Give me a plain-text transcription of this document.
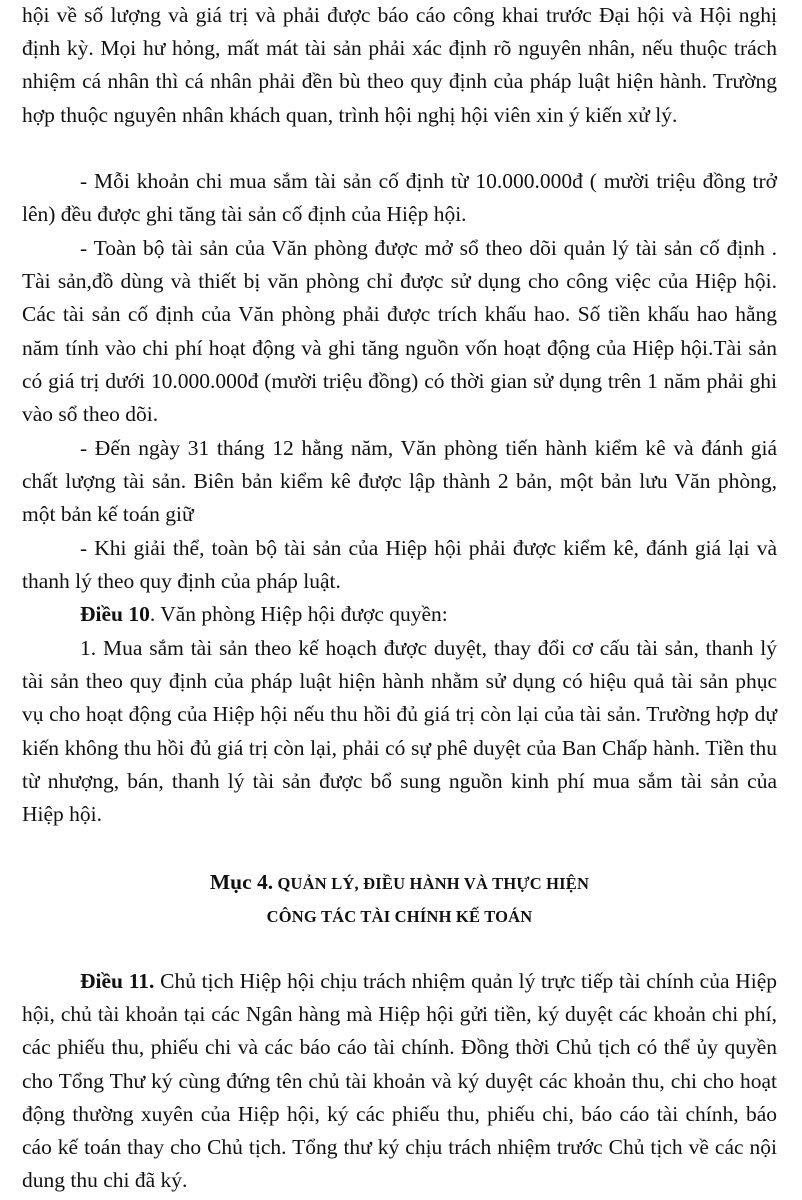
hội về số lượng và giá trị và phải được báo cáo công khai trước Đại hội và Hội nghị định kỳ. Mọi hư hỏng, mất mát tài sản phải xác định rõ nguyên nhân, nếu thuộc trách nhiệm cá nhân thì cá nhân phải đền bù theo quy định của pháp luật hiện hành. Trường hợp thuộc nguyên nhân khách quan, trình hội nghị hội viên xin ý kiến xử lý.

- Mỗi khoản chi mua sắm tài sản cố định từ 10.000.000đ ( mười triệu đồng trở lên) đều được ghi tăng tài sản cố định của Hiệp hội.

- Toàn bộ tài sản của Văn phòng được mở sổ theo dõi quản lý tài sản cố định . Tài sản,đồ dùng và thiết bị văn phòng chỉ được sử dụng cho công việc của Hiệp hội. Các tài sản cố định của Văn phòng phải được trích khấu hao. Số tiền khấu hao hằng năm tính vào chi phí hoạt động và ghi tăng nguồn vốn hoạt động của Hiệp hội.Tài sản có giá trị dưới 10.000.000đ (mười triệu đồng) có thời gian sử dụng trên 1 năm phải ghi vào sổ theo dõi.

- Đến ngày 31 tháng 12 hằng năm, Văn phòng tiến hành kiểm kê và đánh giá chất lượng tài sản. Biên bản kiểm kê được lập thành 2 bản, một bản lưu Văn phòng, một bản kế toán giữ

- Khi giải thể, toàn bộ tài sản của Hiệp hội phải được kiểm kê, đánh giá lại và thanh lý theo quy định của pháp luật.

Điều 10. Văn phòng Hiệp hội được quyền:

1. Mua sắm tài sản theo kế hoạch được duyệt, thay đổi cơ cấu tài sản, thanh lý tài sản theo quy định của pháp luật hiện hành nhằm sử dụng có hiệu quả tài sản phục vụ cho hoạt động của Hiệp hội nếu thu hồi đủ giá trị còn lại của tài sản. Trường hợp dự kiến không thu hồi đủ giá trị còn lại, phải có sự phê duyệt của Ban Chấp hành. Tiền thu từ nhượng, bán, thanh lý tài sản được bổ sung nguồn kinh phí mua sắm tài sản của Hiệp hội.

Mục 4. QUẢN LÝ, ĐIỀU HÀNH VÀ THỰC HIỆN
CÔNG TÁC TÀI CHÍNH KẾ TOÁN

Điều 11. Chủ tịch Hiệp hội chịu trách nhiệm quản lý trực tiếp tài chính của Hiệp hội, chủ tài khoản tại các Ngân hàng mà Hiệp hội gửi tiền, ký duyệt các khoản chi phí, các phiếu thu, phiếu chi và các báo cáo tài chính. Đồng thời Chủ tịch có thể ủy quyền cho Tổng Thư ký cùng đứng tên chủ tài khoản và ký duyệt các khoản thu, chi cho hoạt động thường xuyên của Hiệp hội, ký các phiếu thu, phiếu chi, báo cáo tài chính, báo cáo kế toán thay cho Chủ tịch. Tổng thư ký chịu trách nhiệm trước Chủ tịch về các nội dung thu chi đã ký.
